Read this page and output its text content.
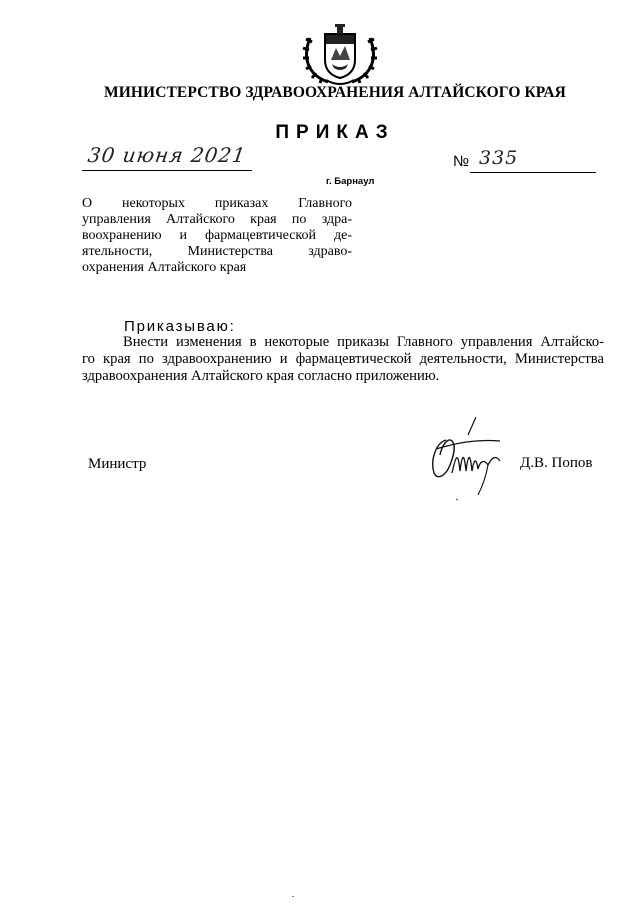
МИНИСТЕРСТВО ЗДРАВООХРАНЕНИЯ АЛТАЙСКОГО КРАЯ
ПРИКАЗ
30 июня 2021
г. Барнаул
№ 335
О некоторых приказах Главного
управления Алтайского края по здра-
воохранению и фармацевтической де-
ятельности, Министерства здраво-
охранения Алтайского края
Приказываю:
Внести изменения в некоторые приказы Главного управления Алтайско-
го края по здравоохранению и фармацевтической деятельности, Министерства
здравоохранения Алтайского края согласно приложению.
Министр	Д.В. Попов
